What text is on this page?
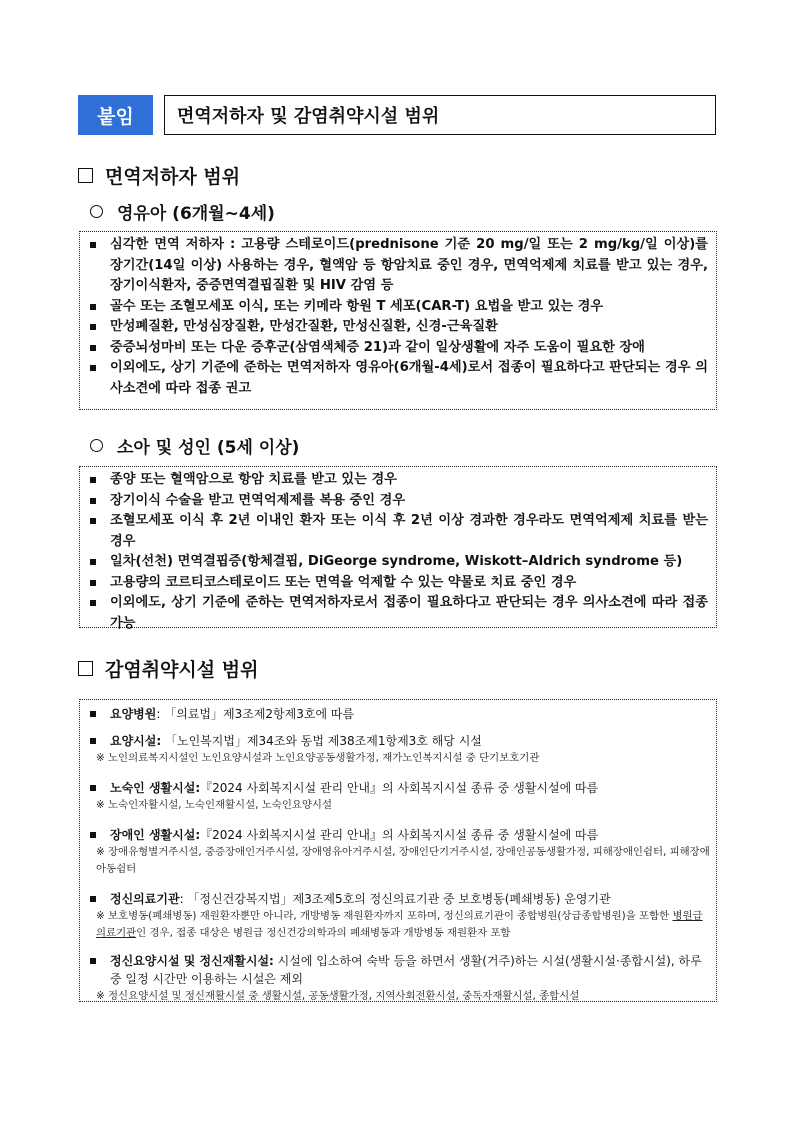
붙임	면역저하자 및 감염취약시설 범위
면역저하자 범위
영유아 (6개월~4세)
심각한 면역 저하자 : 고용량 스테로이드(prednisone 기준 20 mg/일 또는 2 mg/kg/일 이상)를 장기간(14일 이상) 사용하는 경우, 혈액암 등 항암치료 중인 경우, 면역억제제 치료를 받고 있는 경우, 장기이식환자, 중증면역결핍질환 및 HIV 감염 등
골수 또는 조혈모세포 이식, 또는 키메라 항원 T 세포(CAR-T) 요법을 받고 있는 경우
만성폐질환, 만성심장질환, 만성간질환, 만성신질환, 신경-근육질환
중증뇌성마비 또는 다운 증후군(삼염색체증 21)과 같이 일상생활에 자주 도움이 필요한 장애
이외에도, 상기 기준에 준하는 면역저하자 영유아(6개월-4세)로서 접종이 필요하다고 판단되는 경우 의사소견에 따라 접종 권고
소아 및 성인 (5세 이상)
종양 또는 혈액암으로 항암 치료를 받고 있는 경우
장기이식 수술을 받고 면역억제제를 복용 중인 경우
조혈모세포 이식 후 2년 이내인 환자 또는 이식 후 2년 이상 경과한 경우라도 면역억제제 치료를 받는 경우
일차(선천) 면역결핍증(항체결핍, DiGeorge syndrome, Wiskott–Aldrich syndrome 등)
고용량의 코르티코스테로이드 또는 면역을 억제할 수 있는 약물로 치료 중인 경우
이외에도, 상기 기준에 준하는 면역저하자로서 접종이 필요하다고 판단되는 경우 의사소견에 따라 접종 가능
감염취약시설 범위
요양병원: 「의료법」제3조제2항제3호에 따름
요양시설: 「노인복지법」제34조와 동법 제38조제1항제3호 해당 시설
※ 노인의료복지시설인 노인요양시설과 노인요양공동생활가정, 재가노인복지시설 중 단기보호기관
노숙인 생활시설:『2024 사회복지시설 관리 안내』의 사회복지시설 종류 중 생활시설에 따름
※ 노숙인자활시설, 노숙인재활시설, 노숙인요양시설
장애인 생활시설:『2024 사회복지시설 관리 안내』의 사회복지시설 종류 중 생활시설에 따름
※ 장애유형별거주시설, 중증장애인거주시설, 장애영유아거주시설, 장애인단기거주시설, 장애인공동생활가정, 피해장애인쉼터, 피해장애아동쉼터
정신의료기관: 「정신건강복지법」제3조제5호의 정신의료기관 중 보호병동(폐쇄병동) 운영기관
※ 보호병동(폐쇄병동) 재원환자뿐만 아니라, 개방병동 재원환자까지 포하며, 정신의료기관이 종합병원(상급종합병원)을 포함한 병원급 의료기관인 경우, 접종 대상은 병원급 정신건강의학과의 폐쇄병동과 개방병동 재원환자 포함
정신요양시설 및 정신재활시설: 시설에 입소하여 숙박 등을 하면서 생활(거주)하는 시설(생활시설·종합시설), 하루 중 일정 시간만 이용하는 시설은 제외
※ 정신요양시설 및 정신재활시설 중 생활시설, 공동생활가정, 지역사회전환시설, 중독자재활시설, 종합시설
